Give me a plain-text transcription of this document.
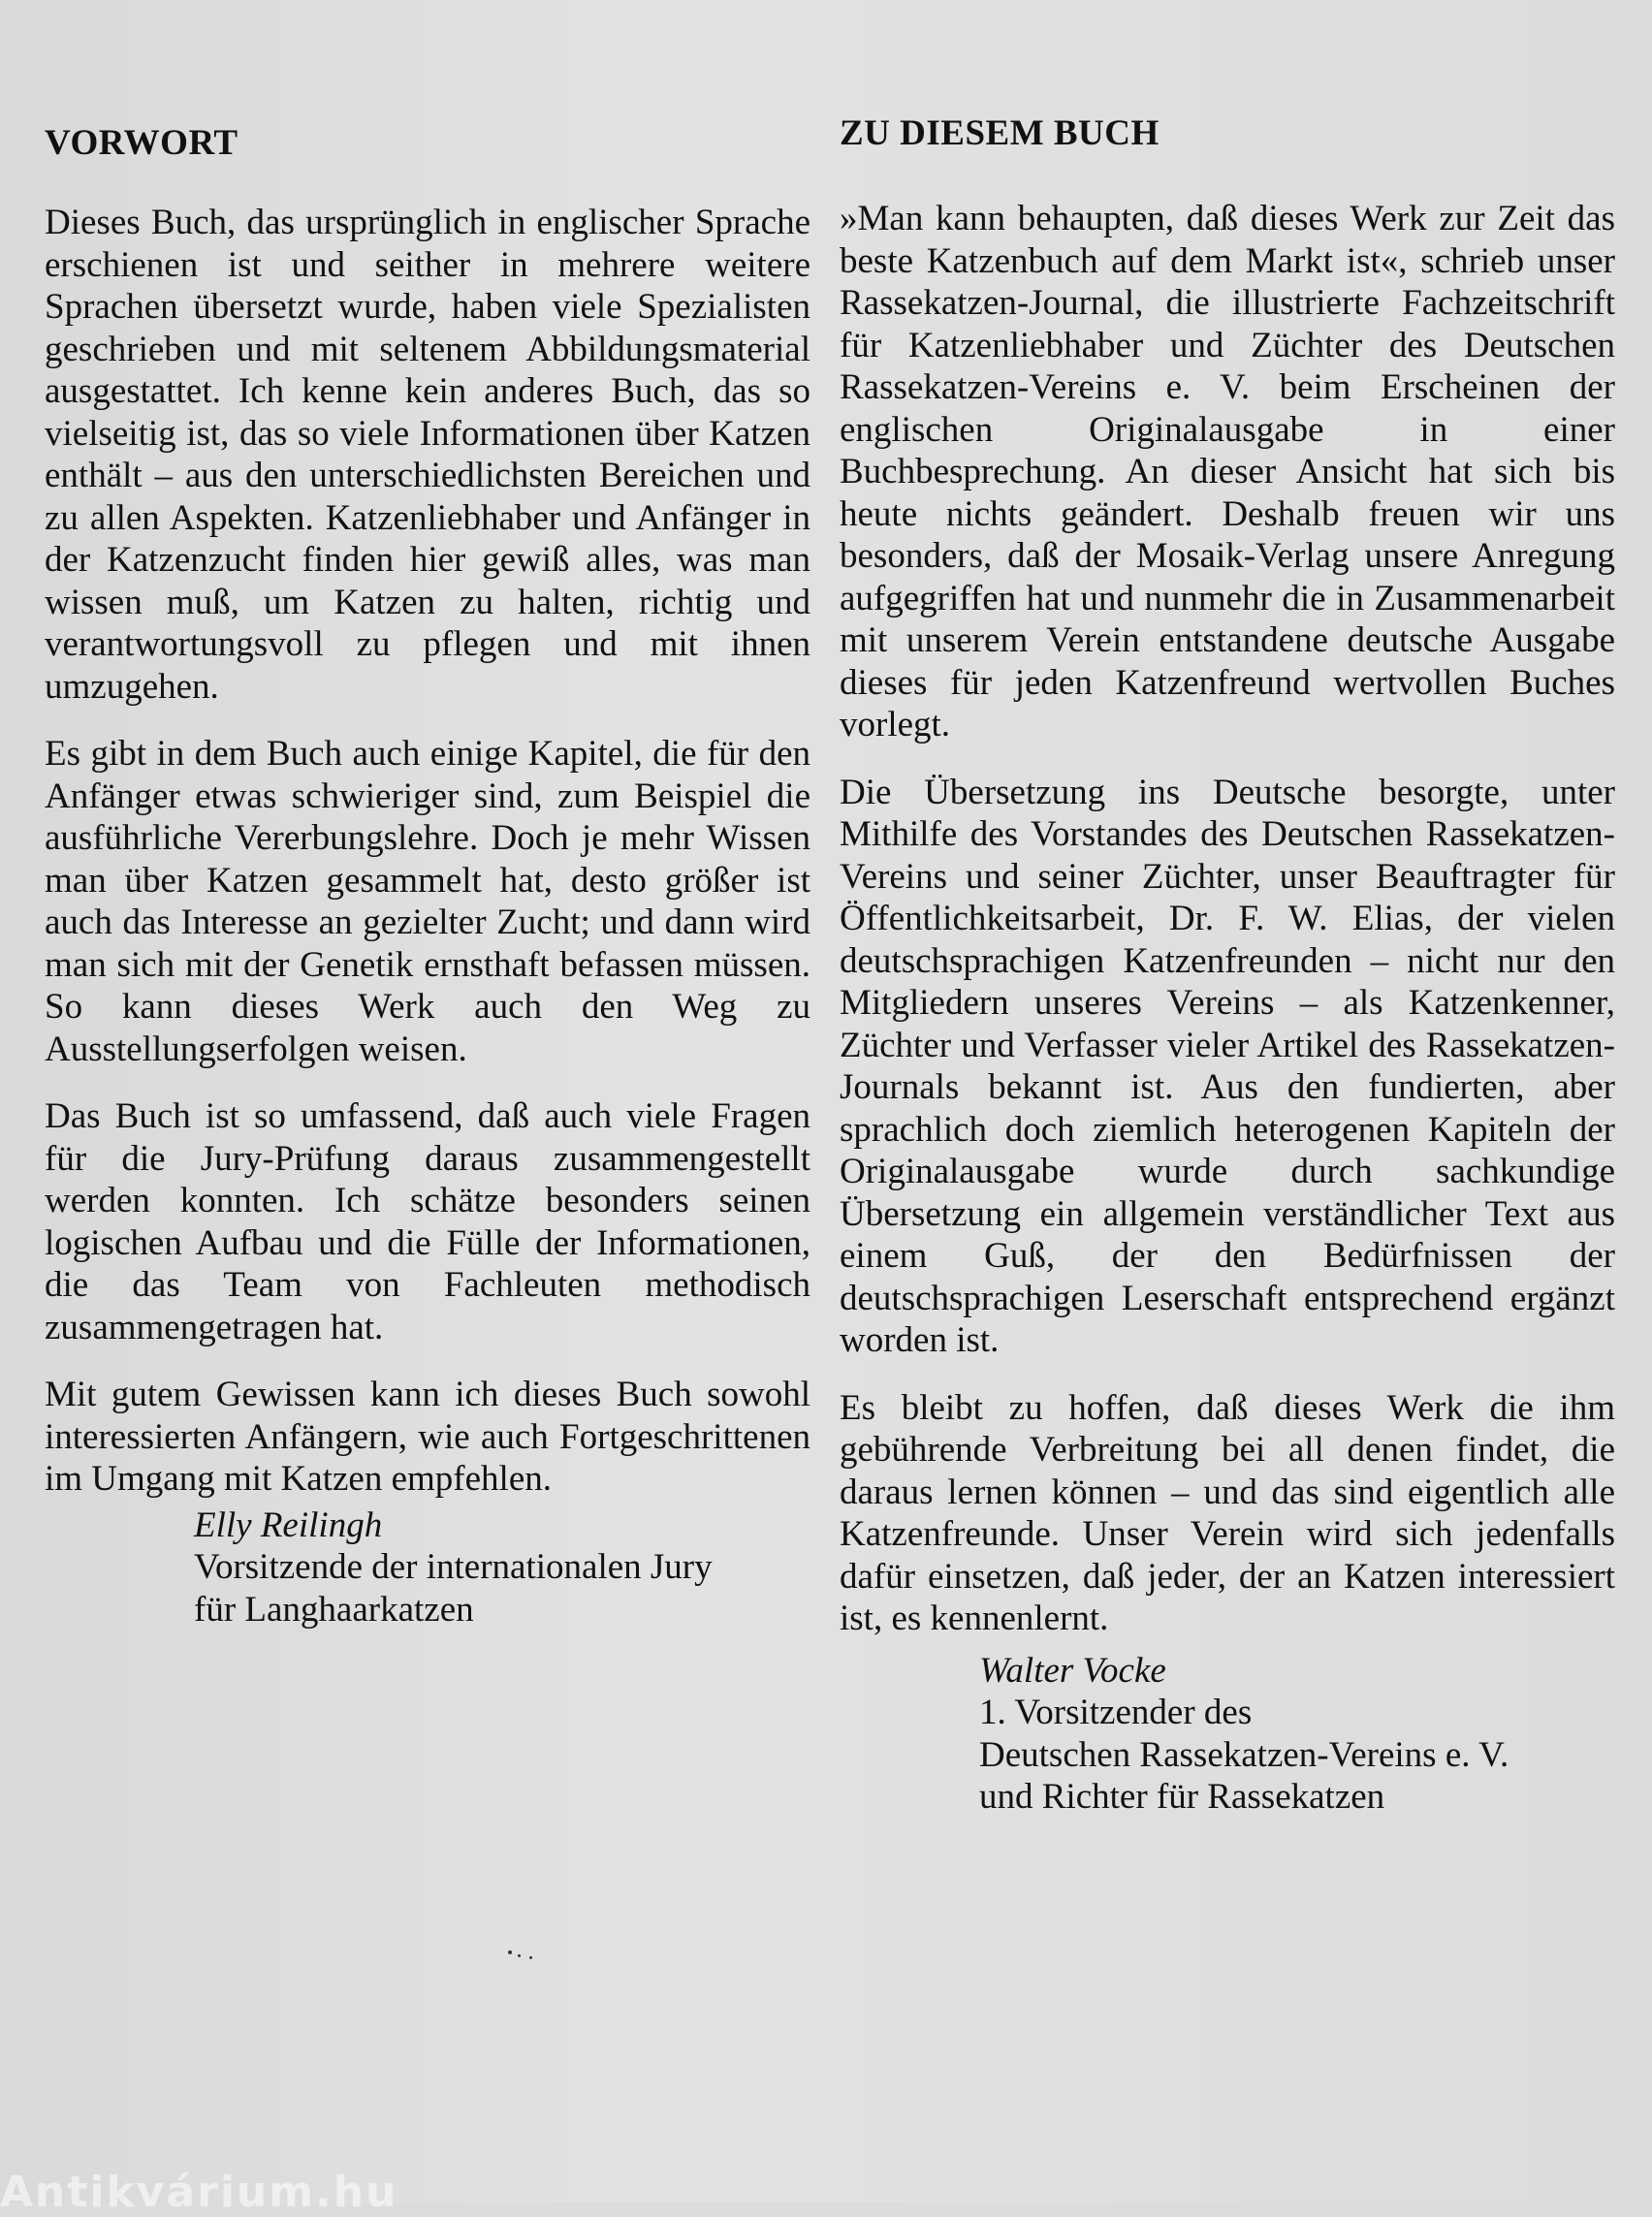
VORWORT

Dieses Buch, das ursprünglich in englischer Sprache erschienen ist und seither in mehrere weitere Sprachen übersetzt wurde, haben viele Spezialisten geschrieben und mit seltenem Abbildungsmaterial ausgestattet. Ich kenne kein anderes Buch, das so vielseitig ist, das so viele Informationen über Katzen enthält – aus den unterschiedlichsten Bereichen und zu allen Aspekten. Katzenliebhaber und Anfänger in der Katzenzucht finden hier gewiß alles, was man wissen muß, um Katzen zu halten, richtig und verantwortungsvoll zu pflegen und mit ihnen umzugehen.

Es gibt in dem Buch auch einige Kapitel, die für den Anfänger etwas schwieriger sind, zum Beispiel die ausführliche Vererbungslehre. Doch je mehr Wissen man über Katzen gesammelt hat, desto größer ist auch das Interesse an gezielter Zucht; und dann wird man sich mit der Genetik ernsthaft befassen müssen. So kann dieses Werk auch den Weg zu Ausstellungserfolgen weisen.

Das Buch ist so umfassend, daß auch viele Fragen für die Jury-Prüfung daraus zusammengestellt werden konnten. Ich schätze besonders seinen logischen Aufbau und die Fülle der Informationen, die das Team von Fachleuten methodisch zusammengetragen hat.

Mit gutem Gewissen kann ich dieses Buch sowohl interessierten Anfängern, wie auch Fortgeschrittenen im Umgang mit Katzen empfehlen.

Elly Reilingh
Vorsitzende der internationalen Jury
für Langhaarkatzen
ZU DIESEM BUCH

»Man kann behaupten, daß dieses Werk zur Zeit das beste Katzenbuch auf dem Markt ist«, schrieb unser Rassekatzen-Journal, die illustrierte Fachzeitschrift für Katzenliebhaber und Züchter des Deutschen Rassekatzen-Vereins e. V. beim Erscheinen der englischen Originalausgabe in einer Buchbesprechung. An dieser Ansicht hat sich bis heute nichts geändert. Deshalb freuen wir uns besonders, daß der Mosaik-Verlag unsere Anregung aufgegriffen hat und nunmehr die in Zusammenarbeit mit unserem Verein entstandene deutsche Ausgabe dieses für jeden Katzenfreund wertvollen Buches vorlegt.

Die Übersetzung ins Deutsche besorgte, unter Mithilfe des Vorstandes des Deutschen Rassekatzen-Vereins und seiner Züchter, unser Beauftragter für Öffentlichkeitsarbeit, Dr. F. W. Elias, der vielen deutschsprachigen Katzenfreunden – nicht nur den Mitgliedern unseres Vereins – als Katzenkenner, Züchter und Verfasser vieler Artikel des Rassekatzen-Journals bekannt ist. Aus den fundierten, aber sprachlich doch ziemlich heterogenen Kapiteln der Originalausgabe wurde durch sachkundige Übersetzung ein allgemein verständlicher Text aus einem Guß, der den Bedürfnissen der deutschsprachigen Leserschaft entsprechend ergänzt worden ist.

Es bleibt zu hoffen, daß dieses Werk die ihm gebührende Verbreitung bei all denen findet, die daraus lernen können – und das sind eigentlich alle Katzenfreunde. Unser Verein wird sich jedenfalls dafür einsetzen, daß jeder, der an Katzen interessiert ist, es kennenlernt.

Walter Vocke
1. Vorsitzender des
Deutschen Rassekatzen-Vereins e. V.
und Richter für Rassekatzen
Antikvárium.hu
